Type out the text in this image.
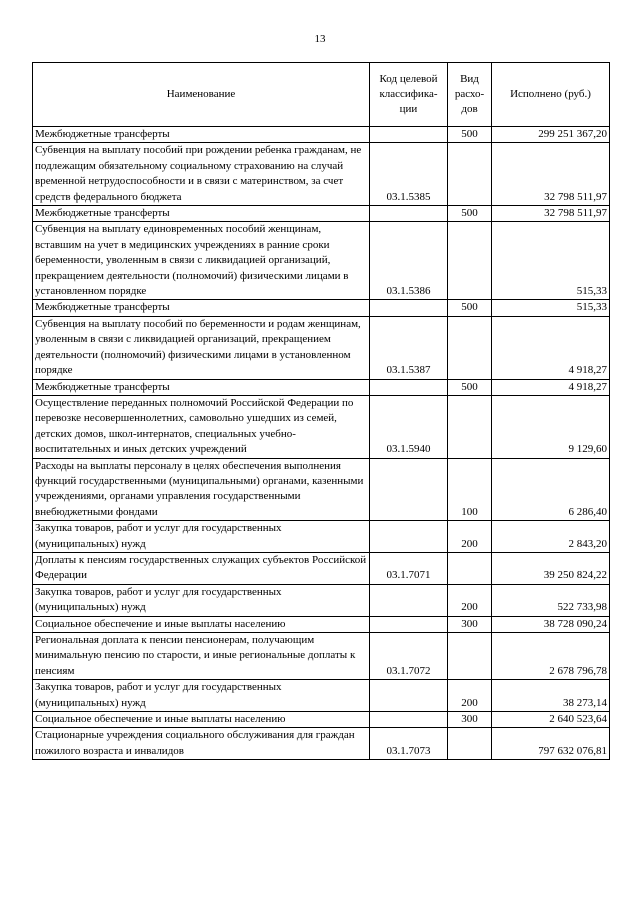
13
Наименование	Код целевой классифика-ции	Вид расхо-дов	Исполнено (руб.)
Межбюджетные трансферты		500	299 251 367,20
Субвенция на выплату пособий при рождении ребенка гражданам, не подлежащим обязательному социальному страхованию на случай временной нетрудоспособности и в связи с материнством, за счет средств федерального бюджета	03.1.5385		32 798 511,97
Межбюджетные трансферты		500	32 798 511,97
Субвенция на выплату единовременных пособий женщинам, вставшим на учет в медицинских учреждениях в ранние сроки беременности, уволенным в связи с ликвидацией организаций, прекращением деятельности (полномочий) физическими лицами в установленном порядке	03.1.5386		515,33
Межбюджетные трансферты		500	515,33
Субвенция на выплату пособий по беременности и родам женщинам, уволенным в связи с ликвидацией организаций, прекращением деятельности (полномочий) физическими лицами в установленном порядке	03.1.5387		4 918,27
Межбюджетные трансферты		500	4 918,27
Осуществление переданных полномочий Российской Федерации по перевозке несовершеннолетних, самовольно ушедших из семей, детских домов, школ-интернатов, специальных учебно-воспитательных и иных детских учреждений	03.1.5940		9 129,60
Расходы на выплаты персоналу в целях обеспечения выполнения функций государственными (муниципальными) органами, казенными учреждениями, органами управления государственными внебюджетными фондами		100	6 286,40
Закупка товаров, работ и услуг для государственных (муниципальных) нужд		200	2 843,20
Доплаты к пенсиям государственных служащих субъектов Российской Федерации	03.1.7071		39 250 824,22
Закупка товаров, работ и услуг для государственных (муниципальных) нужд		200	522 733,98
Социальное обеспечение и иные выплаты населению		300	38 728 090,24
Региональная доплата к пенсии пенсионерам, получающим минимальную пенсию по старости, и иные региональные доплаты к пенсиям	03.1.7072		2 678 796,78
Закупка товаров, работ и услуг для государственных (муниципальных) нужд		200	38 273,14
Социальное обеспечение и иные выплаты населению		300	2 640 523,64
Стационарные учреждения социального обслуживания для граждан пожилого возраста и инвалидов	03.1.7073		797 632 076,81
